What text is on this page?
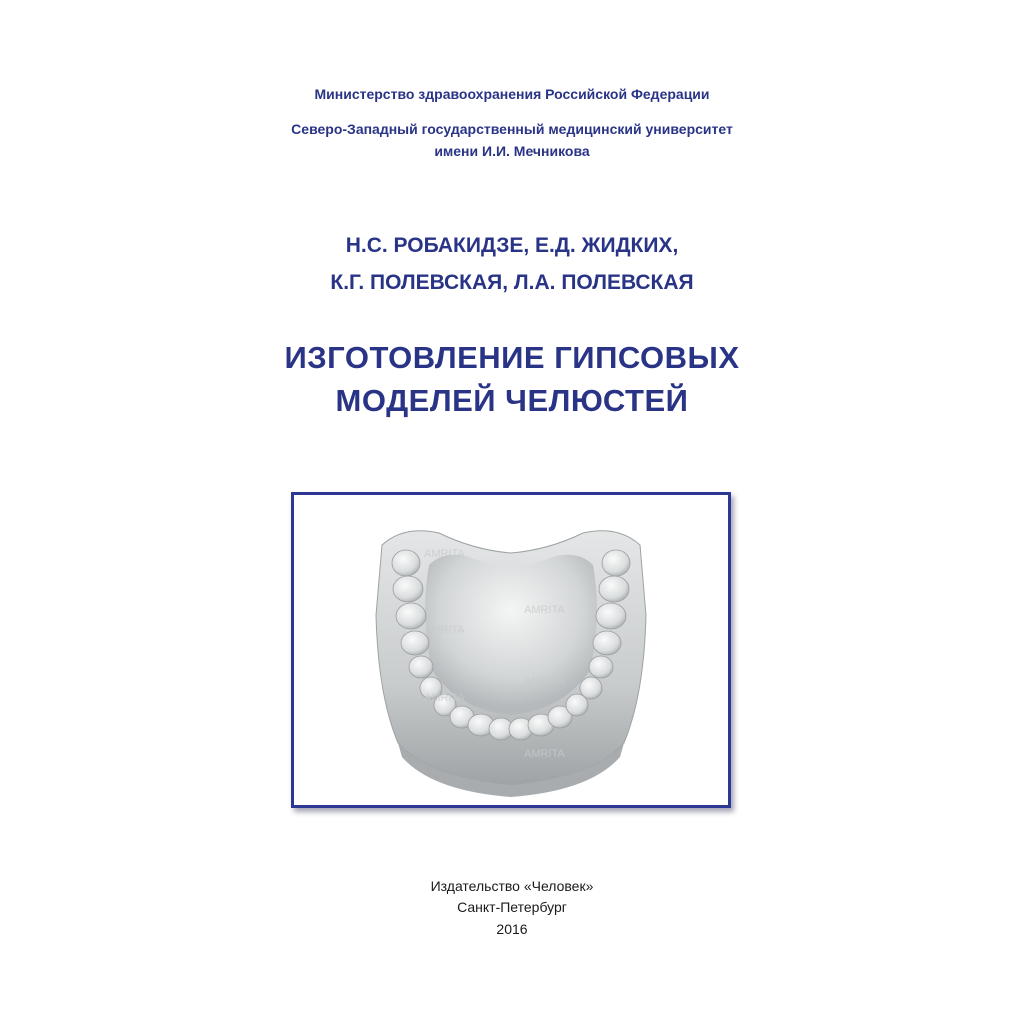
Министерство здравоохранения Российской Федерации
Северо-Западный государственный медицинский университет
имени И.И. Мечникова
Н.С. РОБАКИДЗЕ, Е.Д. ЖИДКИХ,
К.Г. ПОЛЕВСКАЯ, Л.А. ПОЛЕВСКАЯ
ИЗГОТОВЛЕНИЕ ГИПСОВЫХ
МОДЕЛЕЙ ЧЕЛЮСТЕЙ
AMRITA
AMRITA
AMRITA
AMRITA
AMRITA
AMRITA
Издательство «Человек»
Санкт-Петербург
2016
